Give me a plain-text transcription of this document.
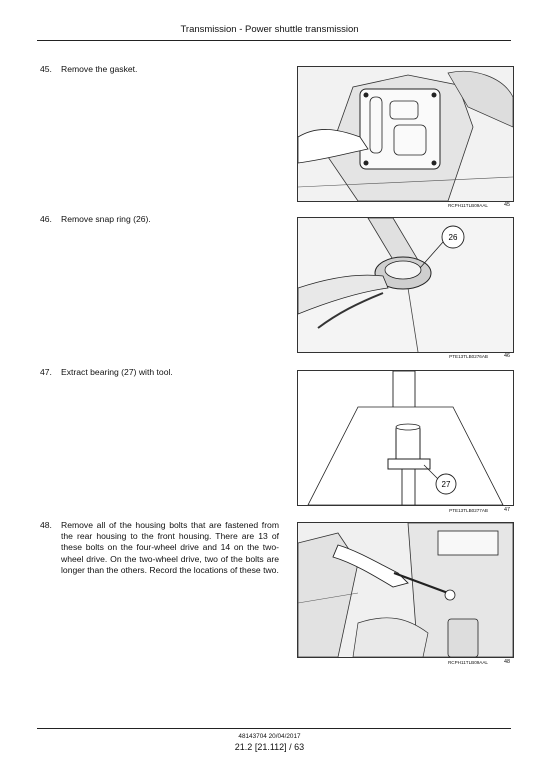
Transmission - Power shuttle transmission
45. Remove the gasket.
RCPH11TLB09AAL	45
46. Remove snap ring (26).
26
PTE13TLB0276AB	46
47. Extract bearing (27) with tool.
27
PTE13TLB0277AB	47
48. Remove all of the housing bolts that are fastened from the rear housing to the front housing. There are 13 of these bolts on the four-wheel drive and 14 on the two-wheel drive. On the two-wheel drive, two of the bolts are longer than the others. Record the locations of these two.
RCPH11TLB09AAL	48
48143704 20/04/2017
21.2 [21.112] / 63
